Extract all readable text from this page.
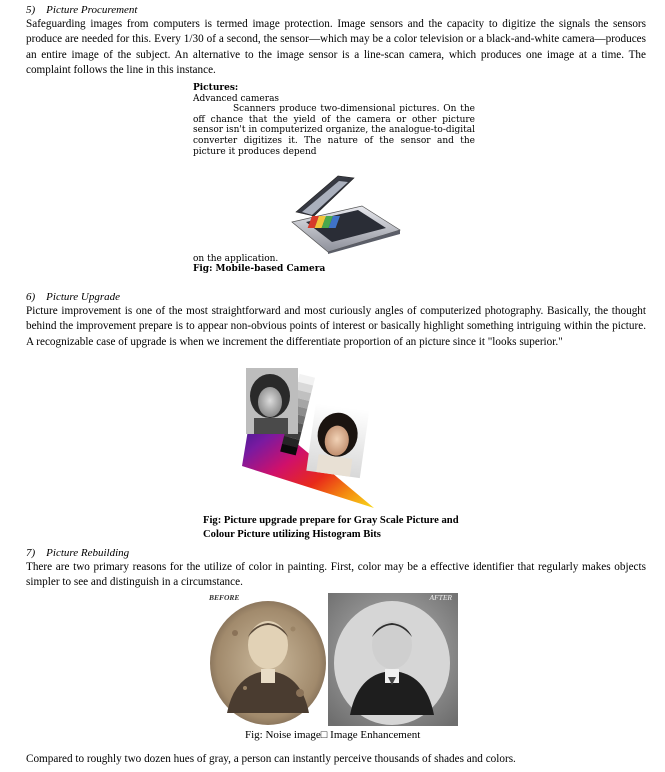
5)    Picture Procurement
Safeguarding images from computers is termed image protection. Image sensors and the capacity to digitize the signals the sensors produce are needed for this. Every 1/30 of a second, the sensor—which may be a color television or a black-and-white camera—produces an entire image of the subject. An alternative to the image sensor is a line-scan camera, which produces one image at a time. The complaint follows the line in this instance.
Pictures:
Advanced cameras
Scanners produce two-dimensional pictures. On the off chance that the yield of the camera or other picture sensor isn't in computerized organize, the analogue-to-digital converter digitizes it. The nature of the sensor and the picture it produces depend
on the application.
Fig: Mobile-based Camera
6)    Picture Upgrade
Picture improvement is one of the most straightforward and most curiously angles of computerized photography. Basically, the thought behind the improvement prepare is to appear non-obvious points of interest or basically highlight something intriguing within the picture. A recognizable case of upgrade is when we increment the differentiate proportion of an picture since it "looks superior."
Fig: Picture upgrade prepare for Gray Scale Picture and
Colour Picture utilizing Histogram Bits
7)    Picture Rebuilding
There are two primary reasons for the utilize of color in painting. First, color may be a effective identifier that regularly makes objects simpler to see and distinguish in a circumstance.
BEFORE	AFTER
Fig: Noise image□ Image Enhancement
Compared to roughly two dozen hues of gray, a person can instantly perceive thousands of shades and colors.
